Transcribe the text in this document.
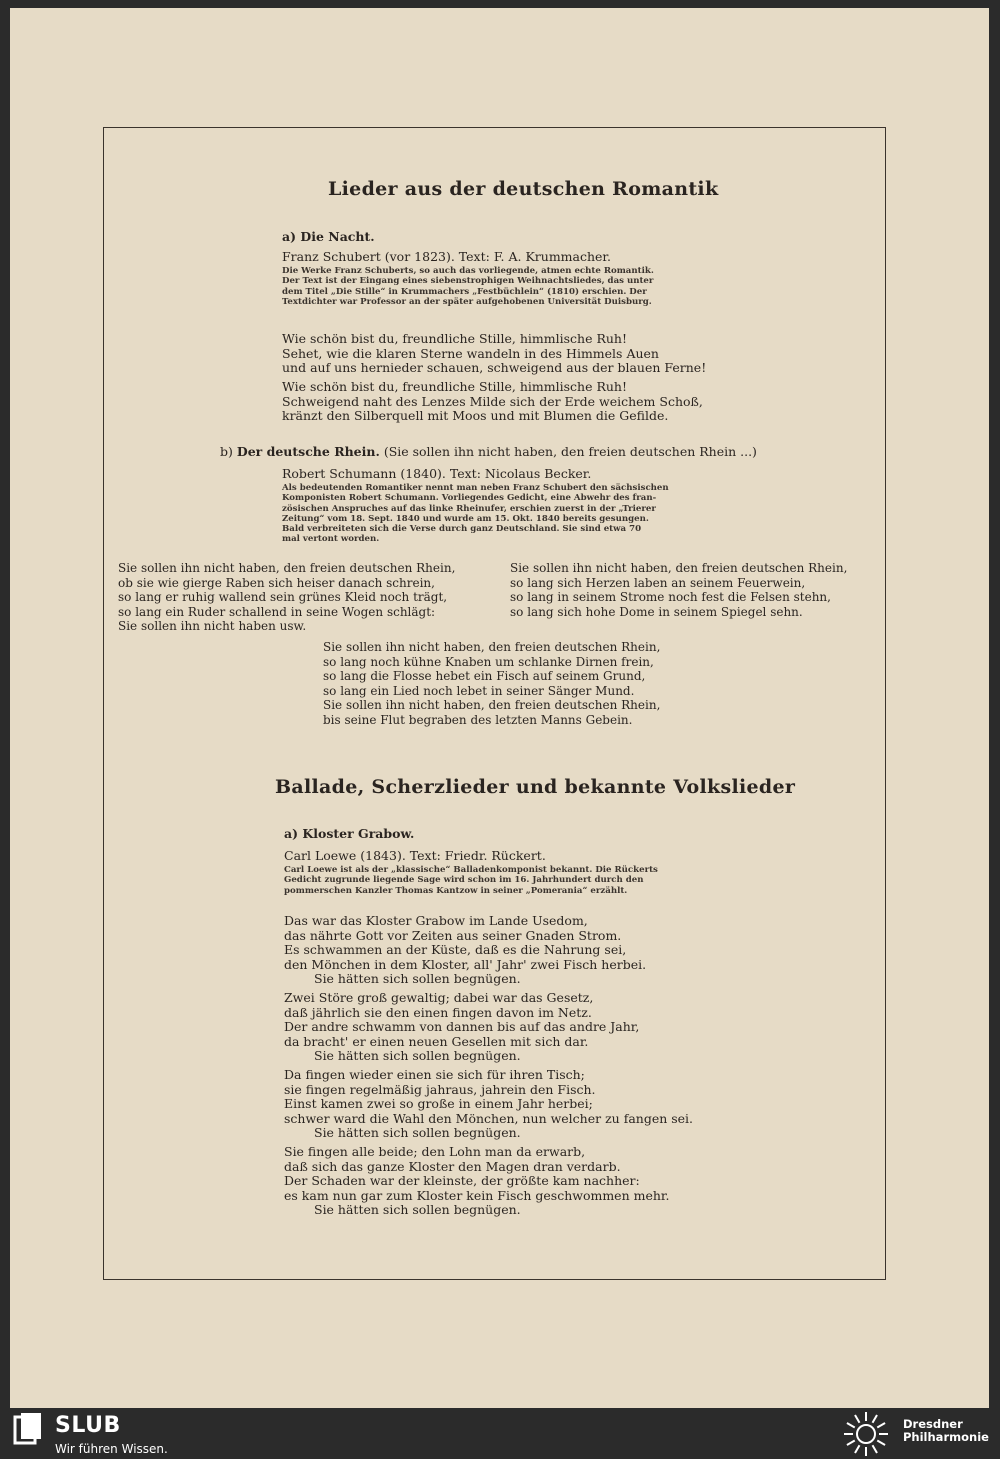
Lieder aus der deutschen Romantik
a) Die Nacht.
Franz Schubert (vor 1823). Text: F. A. Krummacher.
Die Werke Franz Schuberts, so auch das vorliegende, atmen echte Romantik.
Der Text ist der Eingang eines siebenstrophigen Weihnachtsliedes, das unter
dem Titel „Die Stille“ in Krummachers „Festbüchlein“ (1810) erschien. Der
Textdichter war Professor an der später aufgehobenen Universität Duisburg.
Wie schön bist du, freundliche Stille, himmlische Ruh!
Sehet, wie die klaren Sterne wandeln in des Himmels Auen
und auf uns hernieder schauen, schweigend aus der blauen Ferne!
Wie schön bist du, freundliche Stille, himmlische Ruh!
Schweigend naht des Lenzes Milde sich der Erde weichem Schoß,
kränzt den Silberquell mit Moos und mit Blumen die Gefilde.
b) Der deutsche Rhein. (Sie sollen ihn nicht haben, den freien deutschen Rhein ...)
Robert Schumann (1840). Text: Nicolaus Becker.
Als bedeutenden Romantiker nennt man neben Franz Schubert den sächsischen
Komponisten Robert Schumann. Vorliegendes Gedicht, eine Abwehr des fran-
zösischen Anspruches auf das linke Rheinufer, erschien zuerst in der „Trierer
Zeitung“ vom 18. Sept. 1840 und wurde am 15. Okt. 1840 bereits gesungen.
Bald verbreiteten sich die Verse durch ganz Deutschland. Sie sind etwa 70
mal vertont worden.
Sie sollen ihn nicht haben, den freien deutschen Rhein,
ob sie wie gierge Raben sich heiser danach schrein,
so lang er ruhig wallend sein grünes Kleid noch trägt,
so lang ein Ruder schallend in seine Wogen schlägt:
Sie sollen ihn nicht haben usw.
Sie sollen ihn nicht haben, den freien deutschen Rhein,
so lang sich Herzen laben an seinem Feuerwein,
so lang in seinem Strome noch fest die Felsen stehn,
so lang sich hohe Dome in seinem Spiegel sehn.
Sie sollen ihn nicht haben, den freien deutschen Rhein,
so lang noch kühne Knaben um schlanke Dirnen frein,
so lang die Flosse hebet ein Fisch auf seinem Grund,
so lang ein Lied noch lebet in seiner Sänger Mund.
Sie sollen ihn nicht haben, den freien deutschen Rhein,
bis seine Flut begraben des letzten Manns Gebein.
Ballade, Scherzlieder und bekannte Volkslieder
a) Kloster Grabow.
Carl Loewe (1843). Text: Friedr. Rückert.
Carl Loewe ist als der „klassische“ Balladenkomponist bekannt. Die Rückerts
Gedicht zugrunde liegende Sage wird schon im 16. Jahrhundert durch den
pommerschen Kanzler Thomas Kantzow in seiner „Pomerania“ erzählt.
Das war das Kloster Grabow im Lande Usedom,
das nährte Gott vor Zeiten aus seiner Gnaden Strom.
Es schwammen an der Küste, daß es die Nahrung sei,
den Mönchen in dem Kloster, all' Jahr' zwei Fisch herbei.
Sie hätten sich sollen begnügen.
Zwei Störe groß gewaltig; dabei war das Gesetz,
daß jährlich sie den einen fingen davon im Netz.
Der andre schwamm von dannen bis auf das andre Jahr,
da bracht' er einen neuen Gesellen mit sich dar.
Sie hätten sich sollen begnügen.
Da fingen wieder einen sie sich für ihren Tisch;
sie fingen regelmäßig jahraus, jahrein den Fisch.
Einst kamen zwei so große in einem Jahr herbei;
schwer ward die Wahl den Mönchen, nun welcher zu fangen sei.
Sie hätten sich sollen begnügen.
Sie fingen alle beide; den Lohn man da erwarb,
daß sich das ganze Kloster den Magen dran verdarb.
Der Schaden war der kleinste, der größte kam nachher:
es kam nun gar zum Kloster kein Fisch geschwommen mehr.
Sie hätten sich sollen begnügen.
SLUB
Wir führen Wissen.
Dresdner
Philharmonie
